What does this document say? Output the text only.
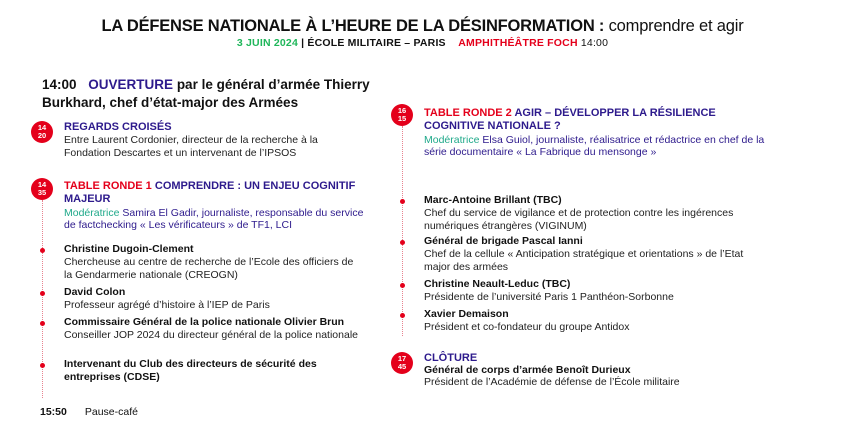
LA DÉFENSE NATIONALE À L’HEURE DE LA DÉSINFORMATION : comprendre et agir
3 JUIN 2024 | ÉCOLE MILITAIRE – PARIS AMPHITHÉÂTRE FOCH 14:00
14:00 OUVERTURE par le général d’armée Thierry Burkhard, chef d’état-major des Armées
14
20
REGARDS CROISÉS
Entre Laurent Cordonier, directeur de la recherche à la Fondation Descartes et un intervenant de l’IPSOS
14
35
TABLE RONDE 1 COMPRENDRE : UN ENJEU COGNITIF MAJEUR
Modératrice Samira El Gadir, journaliste, responsable du service de factchecking « Les vérificateurs » de TF1, LCI
Christine Dugoin-Clement
Chercheuse au centre de recherche de l’Ecole des officiers de la Gendarmerie nationale (CREOGN)
David Colon
Professeur agrégé d’histoire à l’IEP de Paris
Commissaire Général de la police nationale Olivier Brun
Conseiller JOP 2024 du directeur général de la police nationale
Intervenant du Club des directeurs de sécurité des entreprises (CDSE)
15:50 Pause-café
16
15	TABLE RONDE 2 AGIR – DÉVELOPPER LA RÉSILIENCE COGNITIVE NATIONALE ?
Modératrice Elsa Guiol, journaliste, réalisatrice et rédactrice en chef de la série documentaire « La Fabrique du mensonge »
Marc-Antoine Brillant (TBC)
Chef du service de vigilance et de protection contre les ingérences numériques étrangères (VIGINUM)
Général de brigade Pascal Ianni
Chef de la cellule « Anticipation stratégique et orientations » de l’Etat major des armées
Christine Neault-Leduc (TBC)
Présidente de l’université Paris 1 Panthéon-Sorbonne
Xavier Demaison
Président et co-fondateur du groupe Antidox
17
45
CLÔTURE
Général de corps d’armée Benoît Durieux
Président de l’Académie de défense de l’École militaire
